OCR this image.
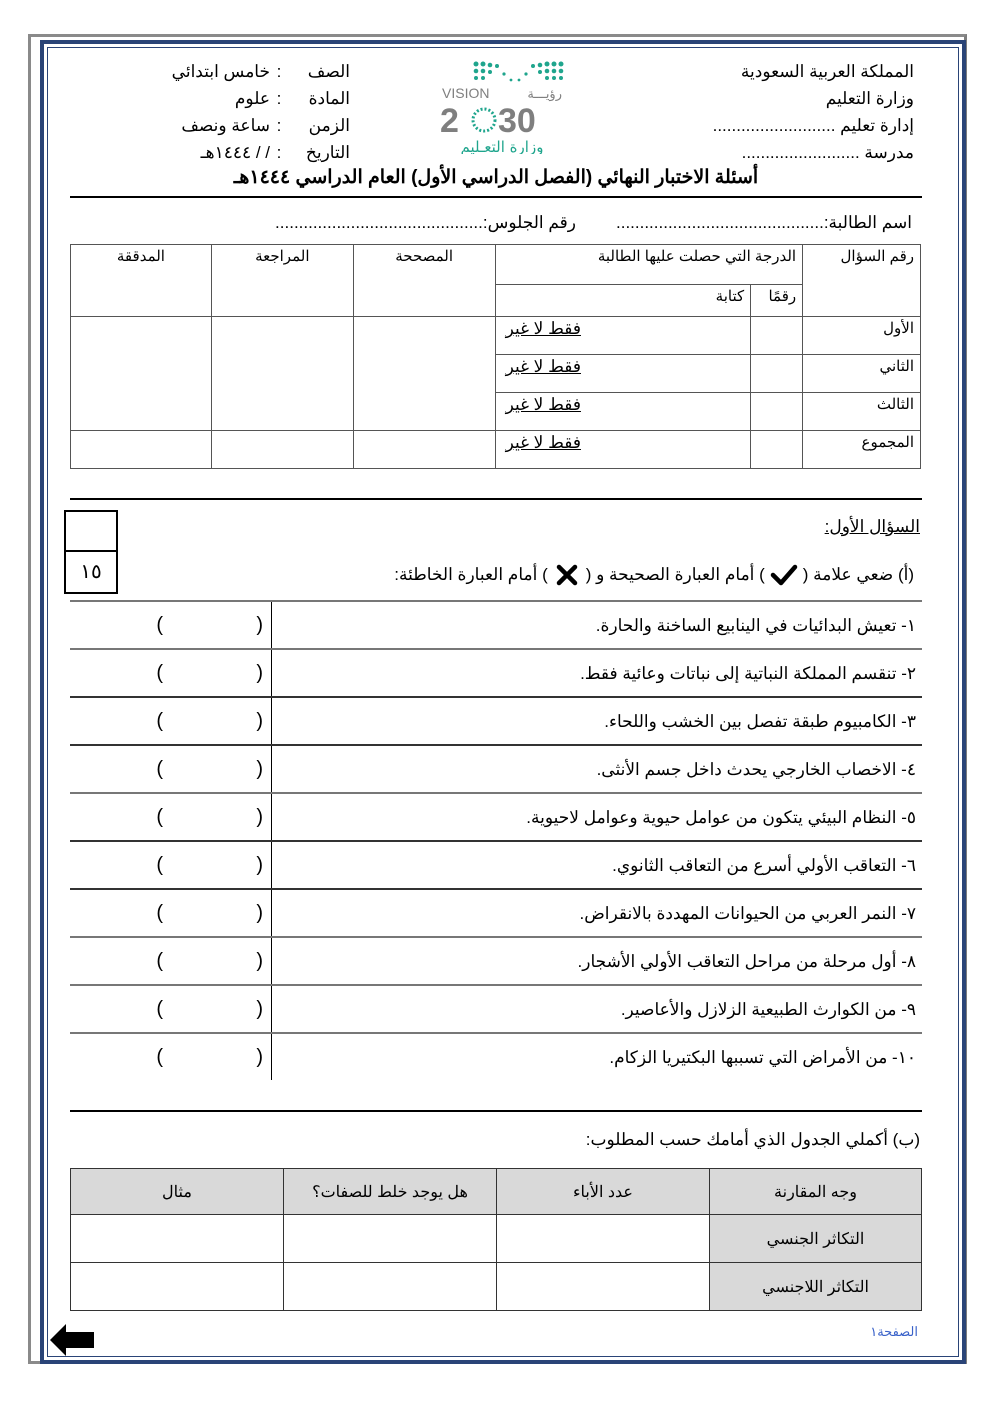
المملكة العربية السعودية
وزارة التعليم
إدارة تعليم ..........................
مدرسة .........................
VISION	رؤيـــة
2 30
وزارة التعـليم
الصف
:
خامس ابتدائي
المادة
:
علوم
الزمن
:
ساعة ونصف
التاريخ
:
/ / ١٤٤٤هـ
أسئلة الاختبار النهائي (الفصل الدراسي الأول) العام الدراسي ١٤٤٤هـ
اسم الطالبة:............................................
رقم الجلوس:............................................
رقم السؤال	الدرجة التي حصلت عليها الطالبة		المصححة	المراجعة	المدققة
	رقمًا	كتابة			
الأول		فقط لا غير			
الثاني		فقط لا غير			
الثالث		فقط لا غير			
المجموع		فقط لا غير			
١٥
السؤال الأول:
(أ) ضعي علامة (
) أمام العبارة الصحيحة و (
) أمام العبارة الخاطئة:
١- تعيش البدائيات في الينابيع الساخنة والحارة.
(
)
٢- تنقسم المملكة النباتية إلى نباتات وعائية فقط.
(
)
٣- الكامبيوم طبقة تفصل بين الخشب واللحاء.
(
)
٤- الاخصاب الخارجي يحدث داخل جسم الأنثى.
(
)
٥- النظام البيئي يتكون من عوامل حيوية وعوامل لاحيوية.
(
)
٦- التعاقب الأولي أسرع من التعاقب الثانوي.
(
)
٧- النمر العربي من الحيوانات المهددة بالانقراض.
(
)
٨- أول مرحلة من مراحل التعاقب الأولي الأشجار.
(
)
٩- من الكوارث الطبيعية الزلازل والأعاصير.
(
)
١٠- من الأمراض التي تسببها البكتيريا الزكام.
(
)
(ب) أكملي الجدول الذي أمامك حسب المطلوب:
وجه المقارنة	عدد الأباء	هل يوجد خلط للصفات؟	مثال
التكاثر الجنسي			
التكاثر اللاجنسي			
الصفحة١
